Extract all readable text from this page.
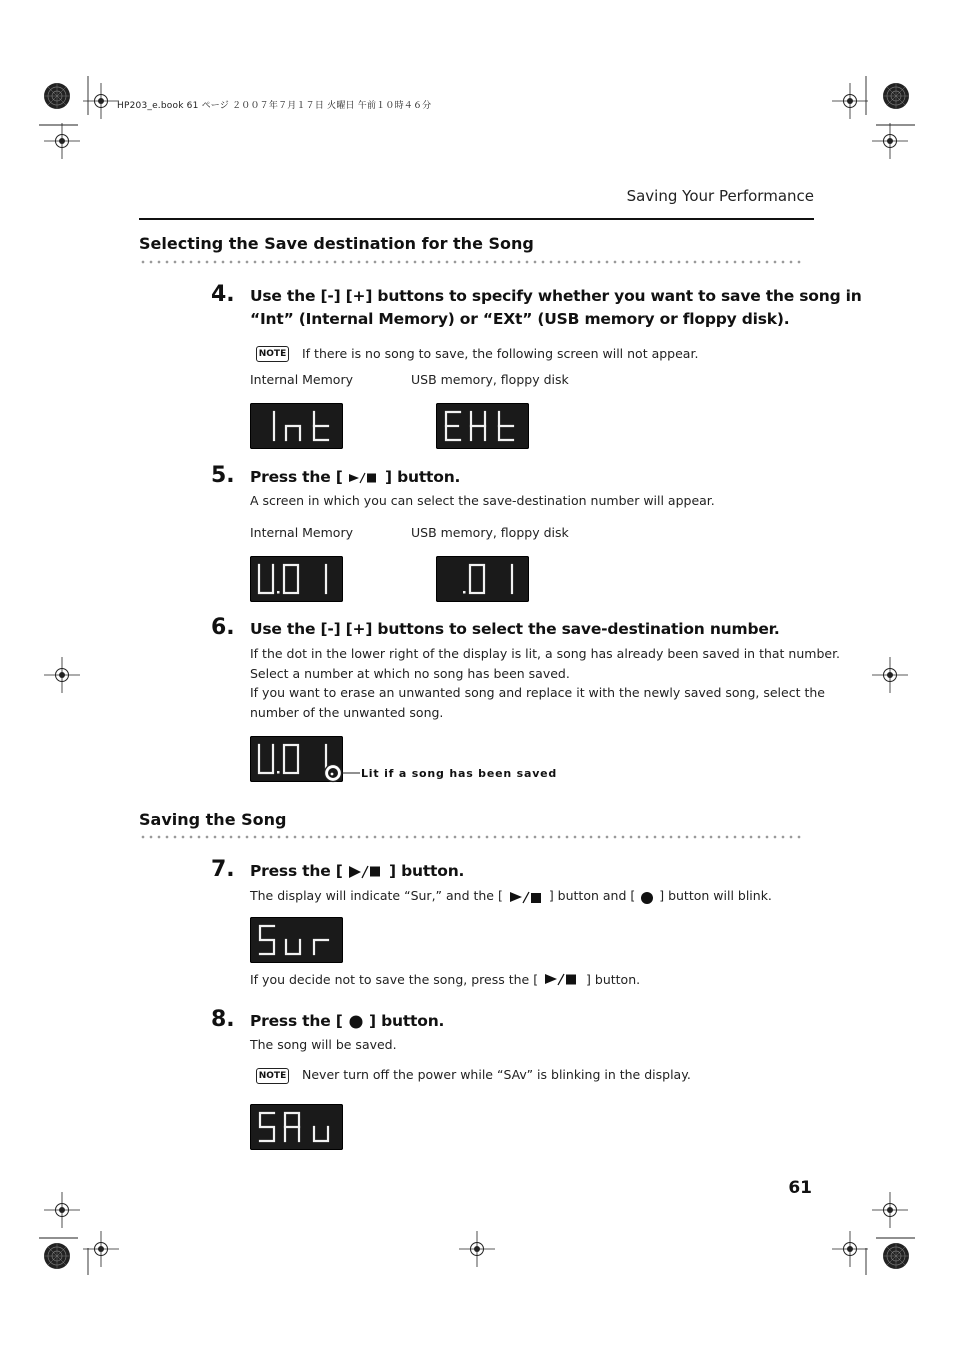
HP203_e.book 61 ページ ２００７年７月１７日 火曜日 午前１０時４６分
Saving Your Performance
Selecting the Save destination for the Song
4. Use the [-] [+] buttons to specify whether you want to save the song in
“Int” (Internal Memory) or “EXt” (USB memory or floppy disk).
NOTE If there is no song to save, the following screen will not appear.
Internal Memory	USB memory, floppy disk
Int	EHt
5. Press the [	] button.
A screen in which you can select the save-destination number will appear.
Internal Memory	USB memory, floppy disk
U.01	.01
6. Use the [-] [+] buttons to select the save-destination number.
If the dot in the lower right of the display is lit, a song has already been saved in that number.
Select a number at which no song has been saved.
If you want to erase an unwanted song and replace it with the newly saved song, select the
number of the unwanted song.
U.01.
Lit if a song has been saved
Saving the Song
7. Press the [	] button.
The display will indicate “Sur,” and the [	] button and [ ] button will blink.
Sur
If you decide not to save the song, press the [	] button.
8. Press the [ ] button.
The song will be saved.
NOTE Never turn off the power while “SAv” is blinking in the display.
SAu
61
